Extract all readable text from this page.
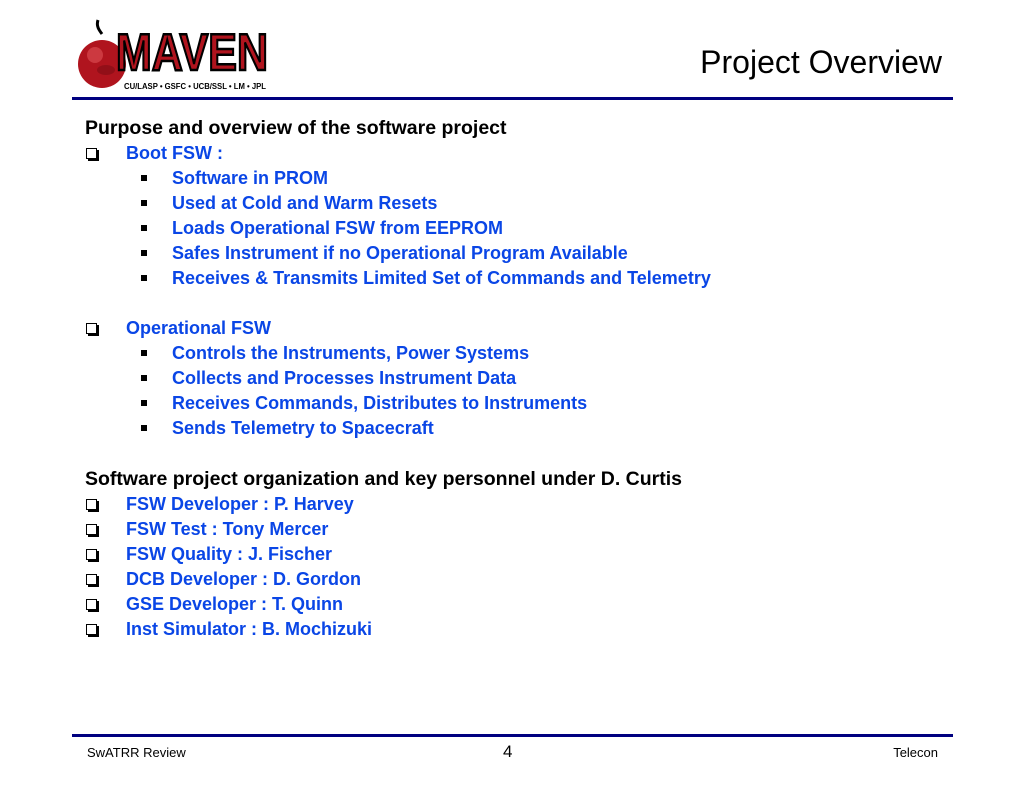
MAVEN
CU/LASP • GSFC • UCB/SSL • LM • JPL
Project Overview
Purpose and overview of the software project
Boot FSW :
Software in PROM
Used at Cold and Warm Resets
Loads Operational FSW from EEPROM
Safes Instrument if no Operational Program Available
Receives & Transmits Limited Set of Commands and Telemetry
Operational FSW
Controls the Instruments, Power Systems
Collects and Processes Instrument Data
Receives Commands, Distributes to Instruments
Sends Telemetry to Spacecraft
Software project organization and key personnel under D. Curtis
FSW Developer : P. Harvey
FSW Test : Tony Mercer
FSW Quality : J. Fischer
DCB Developer : D. Gordon
GSE Developer : T. Quinn
Inst Simulator : B. Mochizuki
SwATRR Review	4	Telecon
